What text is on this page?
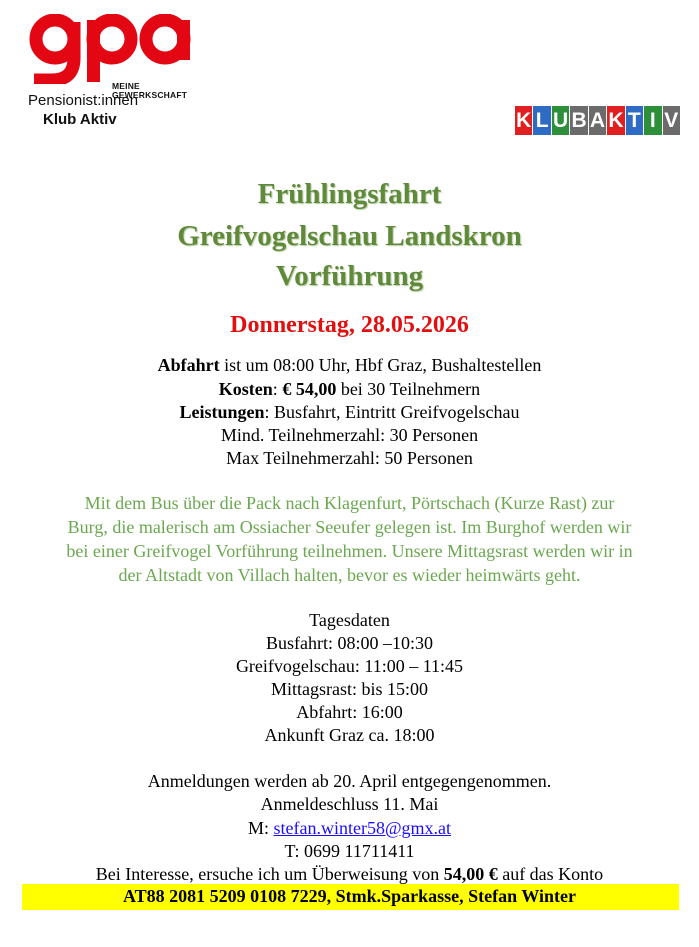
MEINE
GEWERKSCHAFT
Pensionist:innen
Klub Aktiv	K L U B A K T I V
Frühlingsfahrt
Greifvogelschau Landskron
Vorführung
Donnerstag, 28.05.2026
Abfahrt ist um 08:00 Uhr, Hbf Graz, Bushaltestellen
Kosten: € 54,00 bei 30 Teilnehmern
Leistungen: Busfahrt, Eintritt Greifvogelschau
Mind. Teilnehmerzahl: 30 Personen
Max Teilnehmerzahl: 50 Personen
Mit dem Bus über die Pack nach Klagenfurt, Pörtschach (Kurze Rast) zur
Burg, die malerisch am Ossiacher Seeufer gelegen ist. Im Burghof werden wir
bei einer Greifvogel Vorführung teilnehmen. Unsere Mittagsrast werden wir in
der Altstadt von Villach halten, bevor es wieder heimwärts geht.
Tagesdaten
Busfahrt: 08:00 –10:30
Greifvogelschau: 11:00 – 11:45
Mittagsrast: bis 15:00
Abfahrt: 16:00
Ankunft Graz ca. 18:00
Anmeldungen werden ab 20. April entgegengenommen.
Anmeldeschluss 11. Mai
M: stefan.winter58@gmx.at
T: 0699 11711411
Bei Interesse, ersuche ich um Überweisung von 54,00 € auf das Konto
AT88 2081 5209 0108 7229, Stmk.Sparkasse, Stefan Winter
